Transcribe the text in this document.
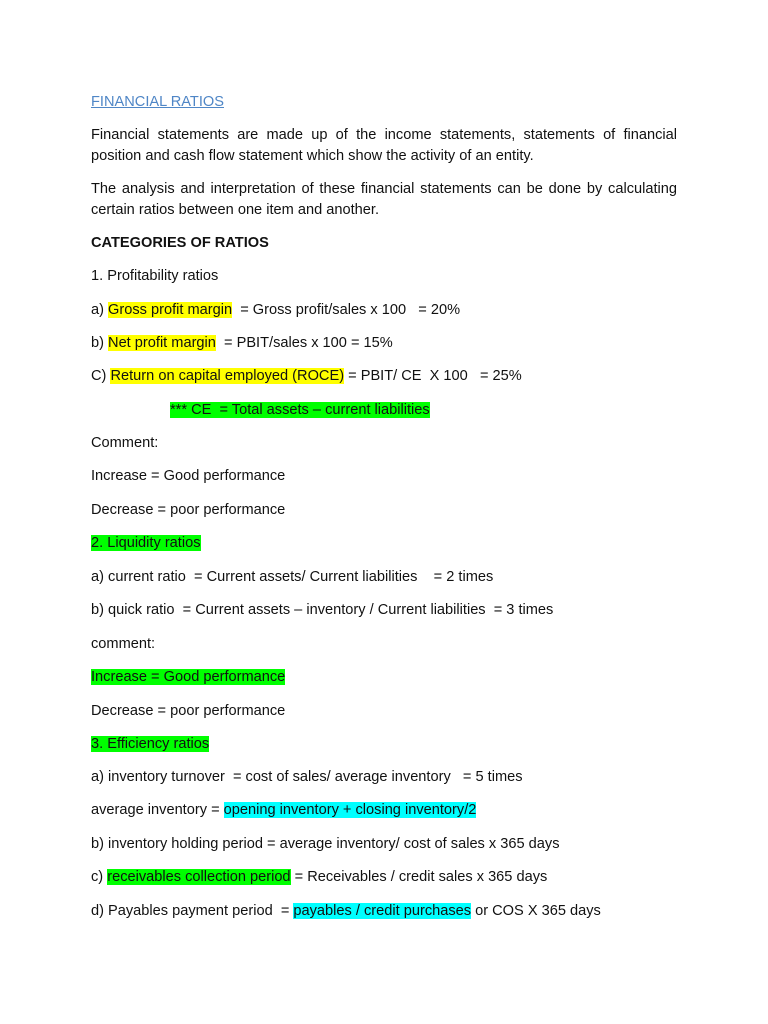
FINANCIAL RATIOS
Financial statements are made up of the income statements, statements of financial position and cash flow statement which show the activity of an entity.
The analysis and interpretation of these financial statements can be done by calculating certain ratios between one item and another.
CATEGORIES OF RATIOS
1. Profitability ratios
a) Gross profit margin  = Gross profit/sales x 100   = 20%
b) Net profit margin  = PBIT/sales x 100 = 15%
C) Return on capital employed (ROCE) = PBIT/ CE  X 100   = 25%
*** CE  = Total assets – current liabilities
Comment:
Increase = Good performance
Decrease = poor performance
2. Liquidity ratios
a) current ratio  = Current assets/ Current liabilities    = 2 times
b) quick ratio  = Current assets – inventory / Current liabilities  = 3 times
comment:
Increase = Good performance
Decrease = poor performance
3. Efficiency ratios
a) inventory turnover  = cost of sales/ average inventory   = 5 times
average inventory = opening inventory + closing inventory/2
b) inventory holding period = average inventory/ cost of sales x 365 days
c) receivables collection period = Receivables / credit sales x 365 days
d) Payables payment period  = payables / credit purchases or COS X 365 days
